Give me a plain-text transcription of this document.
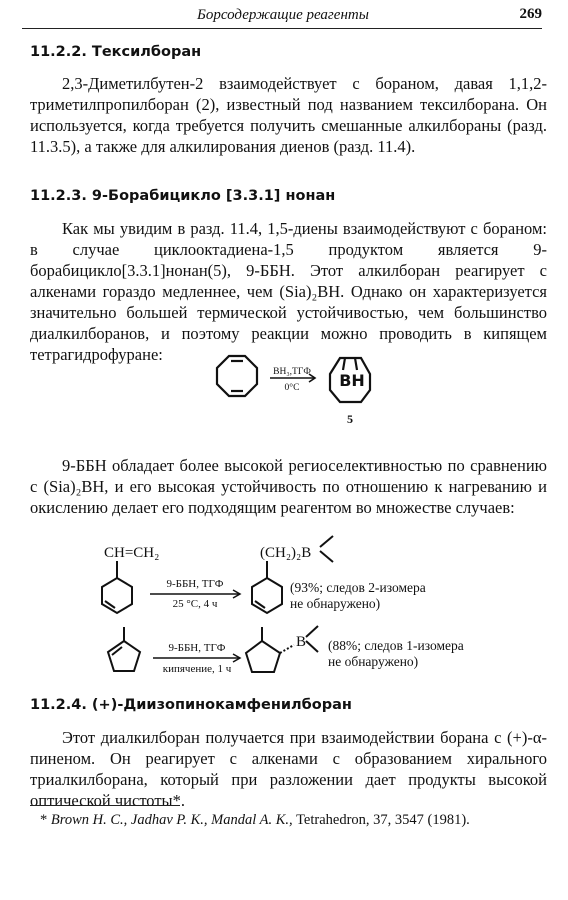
Борсодержащие реагенты	269
11.2.2. Тексилборан

2,3-Диметилбутен-2 взаимодействует с бораном, давая 1,1,2-триметилпропилборан (2), известный под названием тексилборана. Он используется, когда требуется получить смешанные алкилбораны (разд. 11.3.5), а также для алкилирования диенов (разд. 11.4).

11.2.3. 9-Борабицикло [3.3.1] нонан

Как мы увидим в разд. 11.4, 1,5-диены взаимодействуют с бораном: в случае циклооктадиена-1,5 продуктом является 9-борабицикло[3.3.1]нонан(5), 9-ББН. Этот алкилборан реагирует с алкенами гораздо медленнее, чем (Sia)₂BH. Однако он характеризуется значительно большей термической устойчивостью, чем большинство диалкилборанов, и поэтому реакции можно проводить в кипящем тетрагидрофуране:

BH₃,ТГФ
0°C BH
5

9-ББН обладает более высокой региоселективностью по сравнению с (Sia)₂BH, и его высокая устойчивость по отношению к нагреванию и окислению делает его подходящим реагентом во множестве случаев:

CH=CH₂
9-ББН, ТГФ
25 °C, 4 ч
(CH₂)₂B
(93%; следов 2-изомера
не обнаружено)
9-ББН, ТГФ
кипячение, 1 ч
B (88%; следов 1-изомера
не обнаружено)
11.2.4. (+)-Диизопинокамфенилборан

Этот диалкилборан получается при взаимодействии борана с (+)-α-пиненом. Он реагирует с алкенами с образованием хирального триалкилборана, который при разложении дает продукты высокой оптической чистоты*.

* Brown H. C., Jadhav P. K., Mandal A. K., Tetrahedron, 37, 3547 (1981).
